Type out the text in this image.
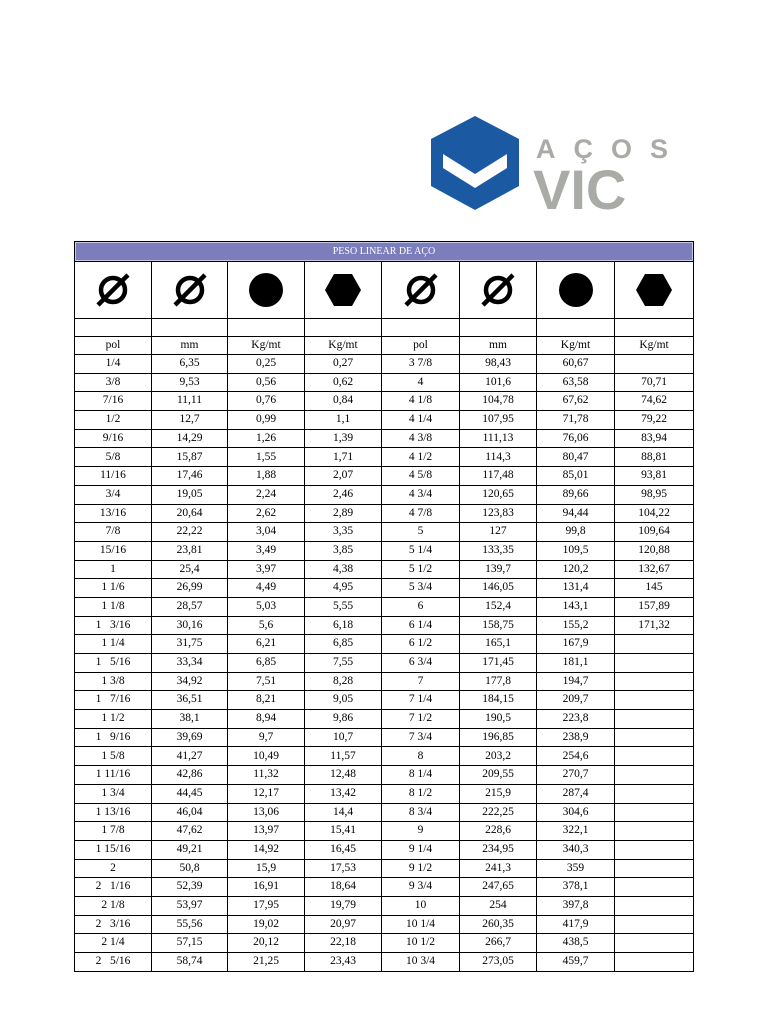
AÇOS
VIC
PESO LINEAR DE AÇO							

pol	mm	Kg/mt	Kg/mt	pol	mm	Kg/mt	Kg/mt
1/4	6,35	0,25	0,27	3 7/8	98,43	60,67	
3/8	9,53	0,56	0,62	4	101,6	63,58	70,71
7/16	11,11	0,76	0,84	4 1/8	104,78	67,62	74,62
1/2	12,7	0,99	1,1	4 1/4	107,95	71,78	79,22
9/16	14,29	1,26	1,39	4 3/8	111,13	76,06	83,94
5/8	15,87	1,55	1,71	4 1/2	114,3	80,47	88,81
11/16	17,46	1,88	2,07	4 5/8	117,48	85,01	93,81
3/4	19,05	2,24	2,46	4 3/4	120,65	89,66	98,95
13/16	20,64	2,62	2,89	4 7/8	123,83	94,44	104,22
7/8	22,22	3,04	3,35	5	127	99,8	109,64
15/16	23,81	3,49	3,85	5 1/4	133,35	109,5	120,88
1	25,4	3,97	4,38	5 1/2	139,7	120,2	132,67
1 1/6	26,99	4,49	4,95	5 3/4	146,05	131,4	145
1 1/8	28,57	5,03	5,55	6	152,4	143,1	157,89
1   3/16	30,16	5,6	6,18	6 1/4	158,75	155,2	171,32
1 1/4	31,75	6,21	6,85	6 1/2	165,1	167,9	
1   5/16	33,34	6,85	7,55	6 3/4	171,45	181,1	
1 3/8	34,92	7,51	8,28	7	177,8	194,7	
1   7/16	36,51	8,21	9,05	7 1/4	184,15	209,7	
1 1/2	38,1	8,94	9,86	7 1/2	190,5	223,8	
1   9/16	39,69	9,7	10,7	7 3/4	196,85	238,9	
1 5/8	41,27	10,49	11,57	8	203,2	254,6	
1 11/16	42,86	11,32	12,48	8 1/4	209,55	270,7	
1 3/4	44,45	12,17	13,42	8 1/2	215,9	287,4	
1 13/16	46,04	13,06	14,4	8 3/4	222,25	304,6	
1 7/8	47,62	13,97	15,41	9	228,6	322,1	
1 15/16	49,21	14,92	16,45	9 1/4	234,95	340,3	
2	50,8	15,9	17,53	9 1/2	241,3	359	
2   1/16	52,39	16,91	18,64	9 3/4	247,65	378,1	
2 1/8	53,97	17,95	19,79	10	254	397,8	
2   3/16	55,56	19,02	20,97	10 1/4	260,35	417,9	
2 1/4	57,15	20,12	22,18	10 1/2	266,7	438,5	
2   5/16	58,74	21,25	23,43	10 3/4	273,05	459,7	
